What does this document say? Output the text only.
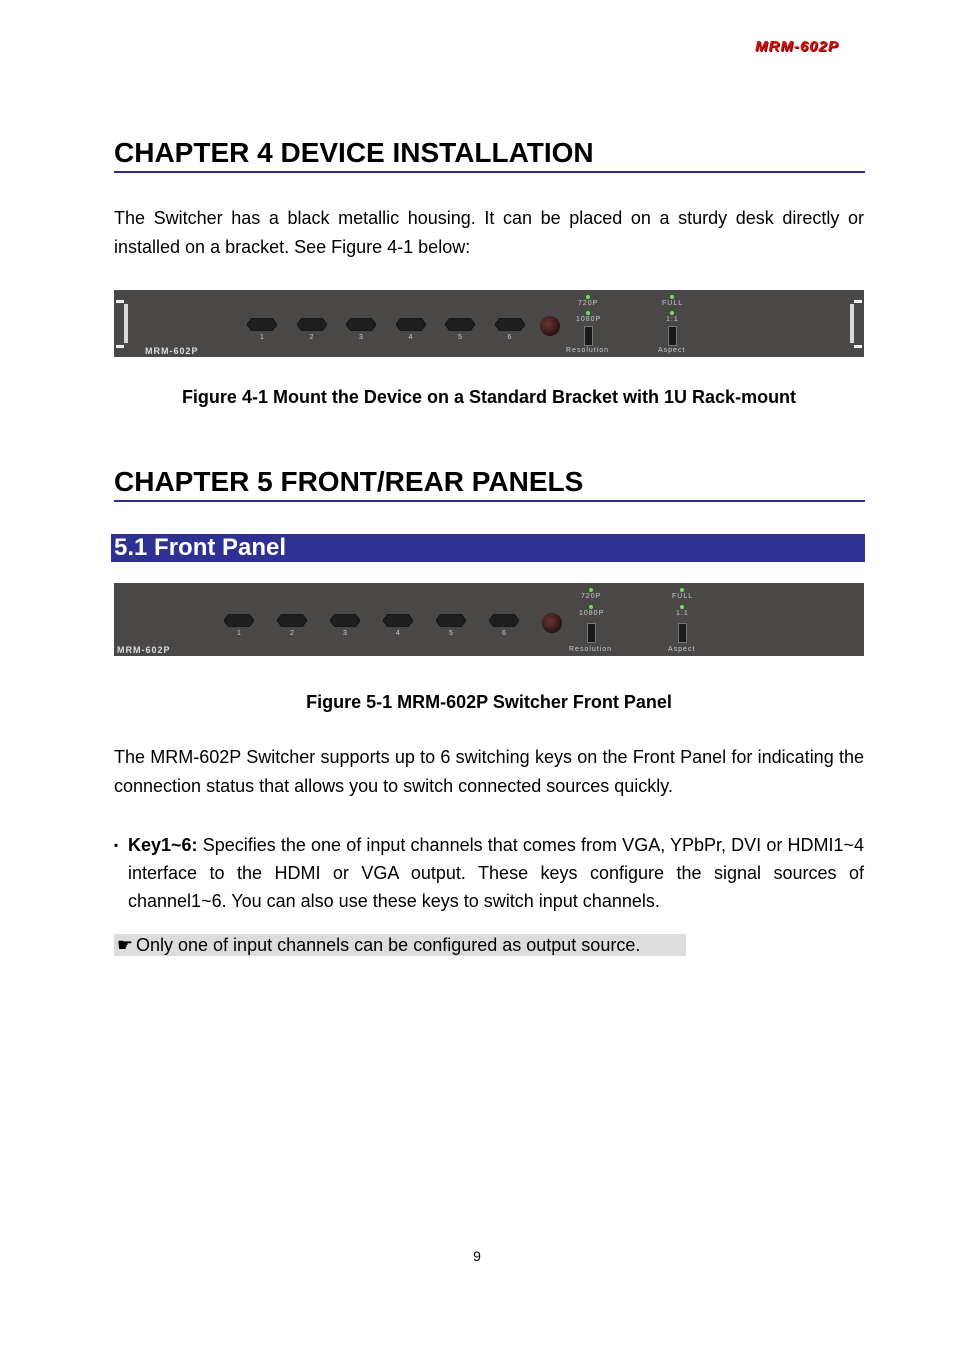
MRM-602P
CHAPTER 4 DEVICE INSTALLATION
The Switcher has a black metallic housing. It can be placed on a sturdy desk directly or installed on a bracket. See Figure 4-1 below:
MRM-602P
1	2	3	4	5	6
720P
1080P
Resolution
FULL
1:1
Aspect
Figure 4-1 Mount the Device on a Standard Bracket with 1U Rack-mount
CHAPTER 5 FRONT/REAR PANELS
5.1 Front Panel
MRM-602P
1	2	3	4	5	6
720P
1080P
Resolution
FULL
1:1
Aspect
Figure 5-1 MRM-602P Switcher Front Panel
The MRM-602P Switcher supports up to 6 switching keys on the Front Panel for indicating the connection status that allows you to switch connected sources quickly.
▪ Key1~6: Specifies the one of input channels that comes from VGA, YPbPr, DVI or HDMI1~4 interface to the HDMI or VGA output. These keys configure the signal sources of channel1~6. You can also use these keys to switch input channels.
☛ Only one of input channels can be configured as output source.
9
